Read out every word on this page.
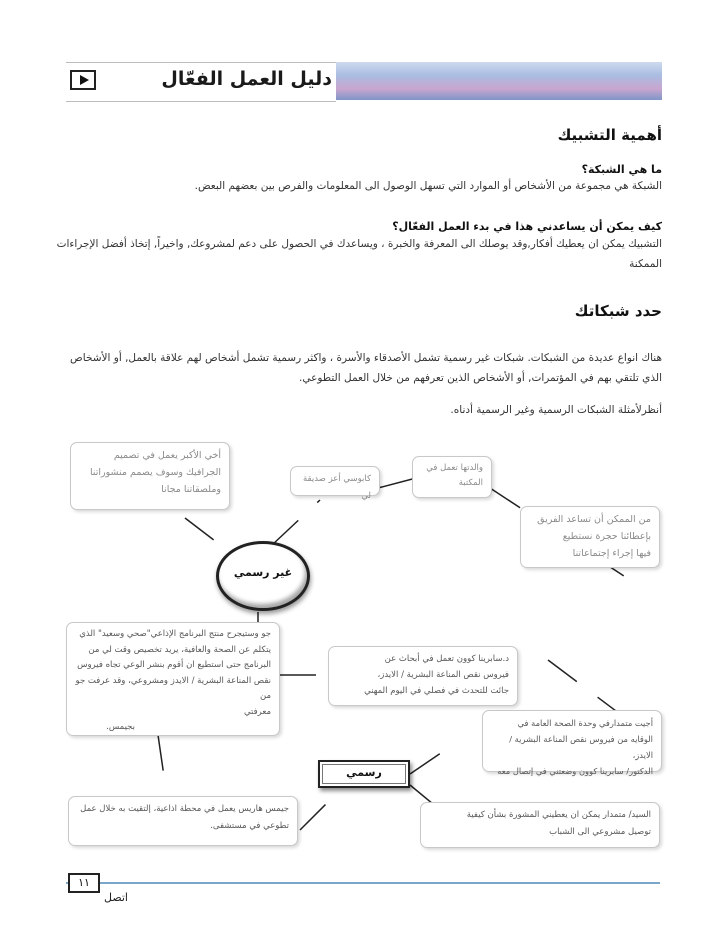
دليل العمل الفعّال
أهمية التشبيك
ما هي الشبكة؟
الشبكة هي مجموعة من الأشخاص أو الموارد التي تسهل الوصول الى المعلومات والفرص بين بعضهم البعض.
كيف يمكن أن يساعدني هذا في بدء العمل الفعّال؟
التشبيك يمكن ان يعطيك أفكار,وقد يوصلك الى المعرفة والخبرة ، ويساعدك في الحصول على دعم لمشروعك, واخيراً, إتخاذ أفضل الإجراءات
الممكنة
حدد شبكاتك
هناك انواع عديدة من الشبكات. شبكات غير رسمية تشمل الأصدقاء والأسرة ، واكثر رسمية تشمل أشخاص لهم علاقة بالعمل, أو الأشخاص
الذي تلتقي بهم في المؤتمرات, أو الأشخاص الذين تعرفهم من خلال العمل التطوعي.
أنظرلأمثلة الشبكات الرسمية وغير الرسمية أدناه.
أخي الأكبر يعمل في تصميم
الجرافيك وسوف يصمم منشوراتنا
وملصقاتنا مجانا
كابوسي أعز صديقة لي
والدتها تعمل في
المكتبة
من الممكن أن تساعد الفريق
بإعطائنا حجرة نستطيع
فيها إجراء إجتماعاتنا
غير رسمي
جو وستيجرح منتج البرنامج الإذاعي"صحي وسعيد" الذي
يتكلم عن الصحة والعافية، يريد تخصيص وقت لي من
البرنامج حتى استطيع ان أقوم بنشر الوعي تجاه فيروس
نقص المناعة البشرية / الايدز ومشروعي، وقد عرفت جو من
معرفتي
بجيمس.
د.سابرينا كوون تعمل في أبحاث عن
فيروس نقص المناعة البشرية / الايدز،
جائت للتحدث في فصلي في اليوم المهني
أجيت متمدارفي وحدة الصحة العامة في
الوقايه من فيروس نقص المناعة البشرية / الايدز،
الدكتور/ سابرينا كوون وضعتني في إتصال معه
جيمس هاريس يعمل في محطة اذاعية، إلتقيت به خلال عمل
تطوعي في مستشفى.
السيد/ متمدار يمكن ان يعطيني المشورة بشأن كيفية
توصيل مشروعي الى الشباب
رسمي
١١
اتصل
